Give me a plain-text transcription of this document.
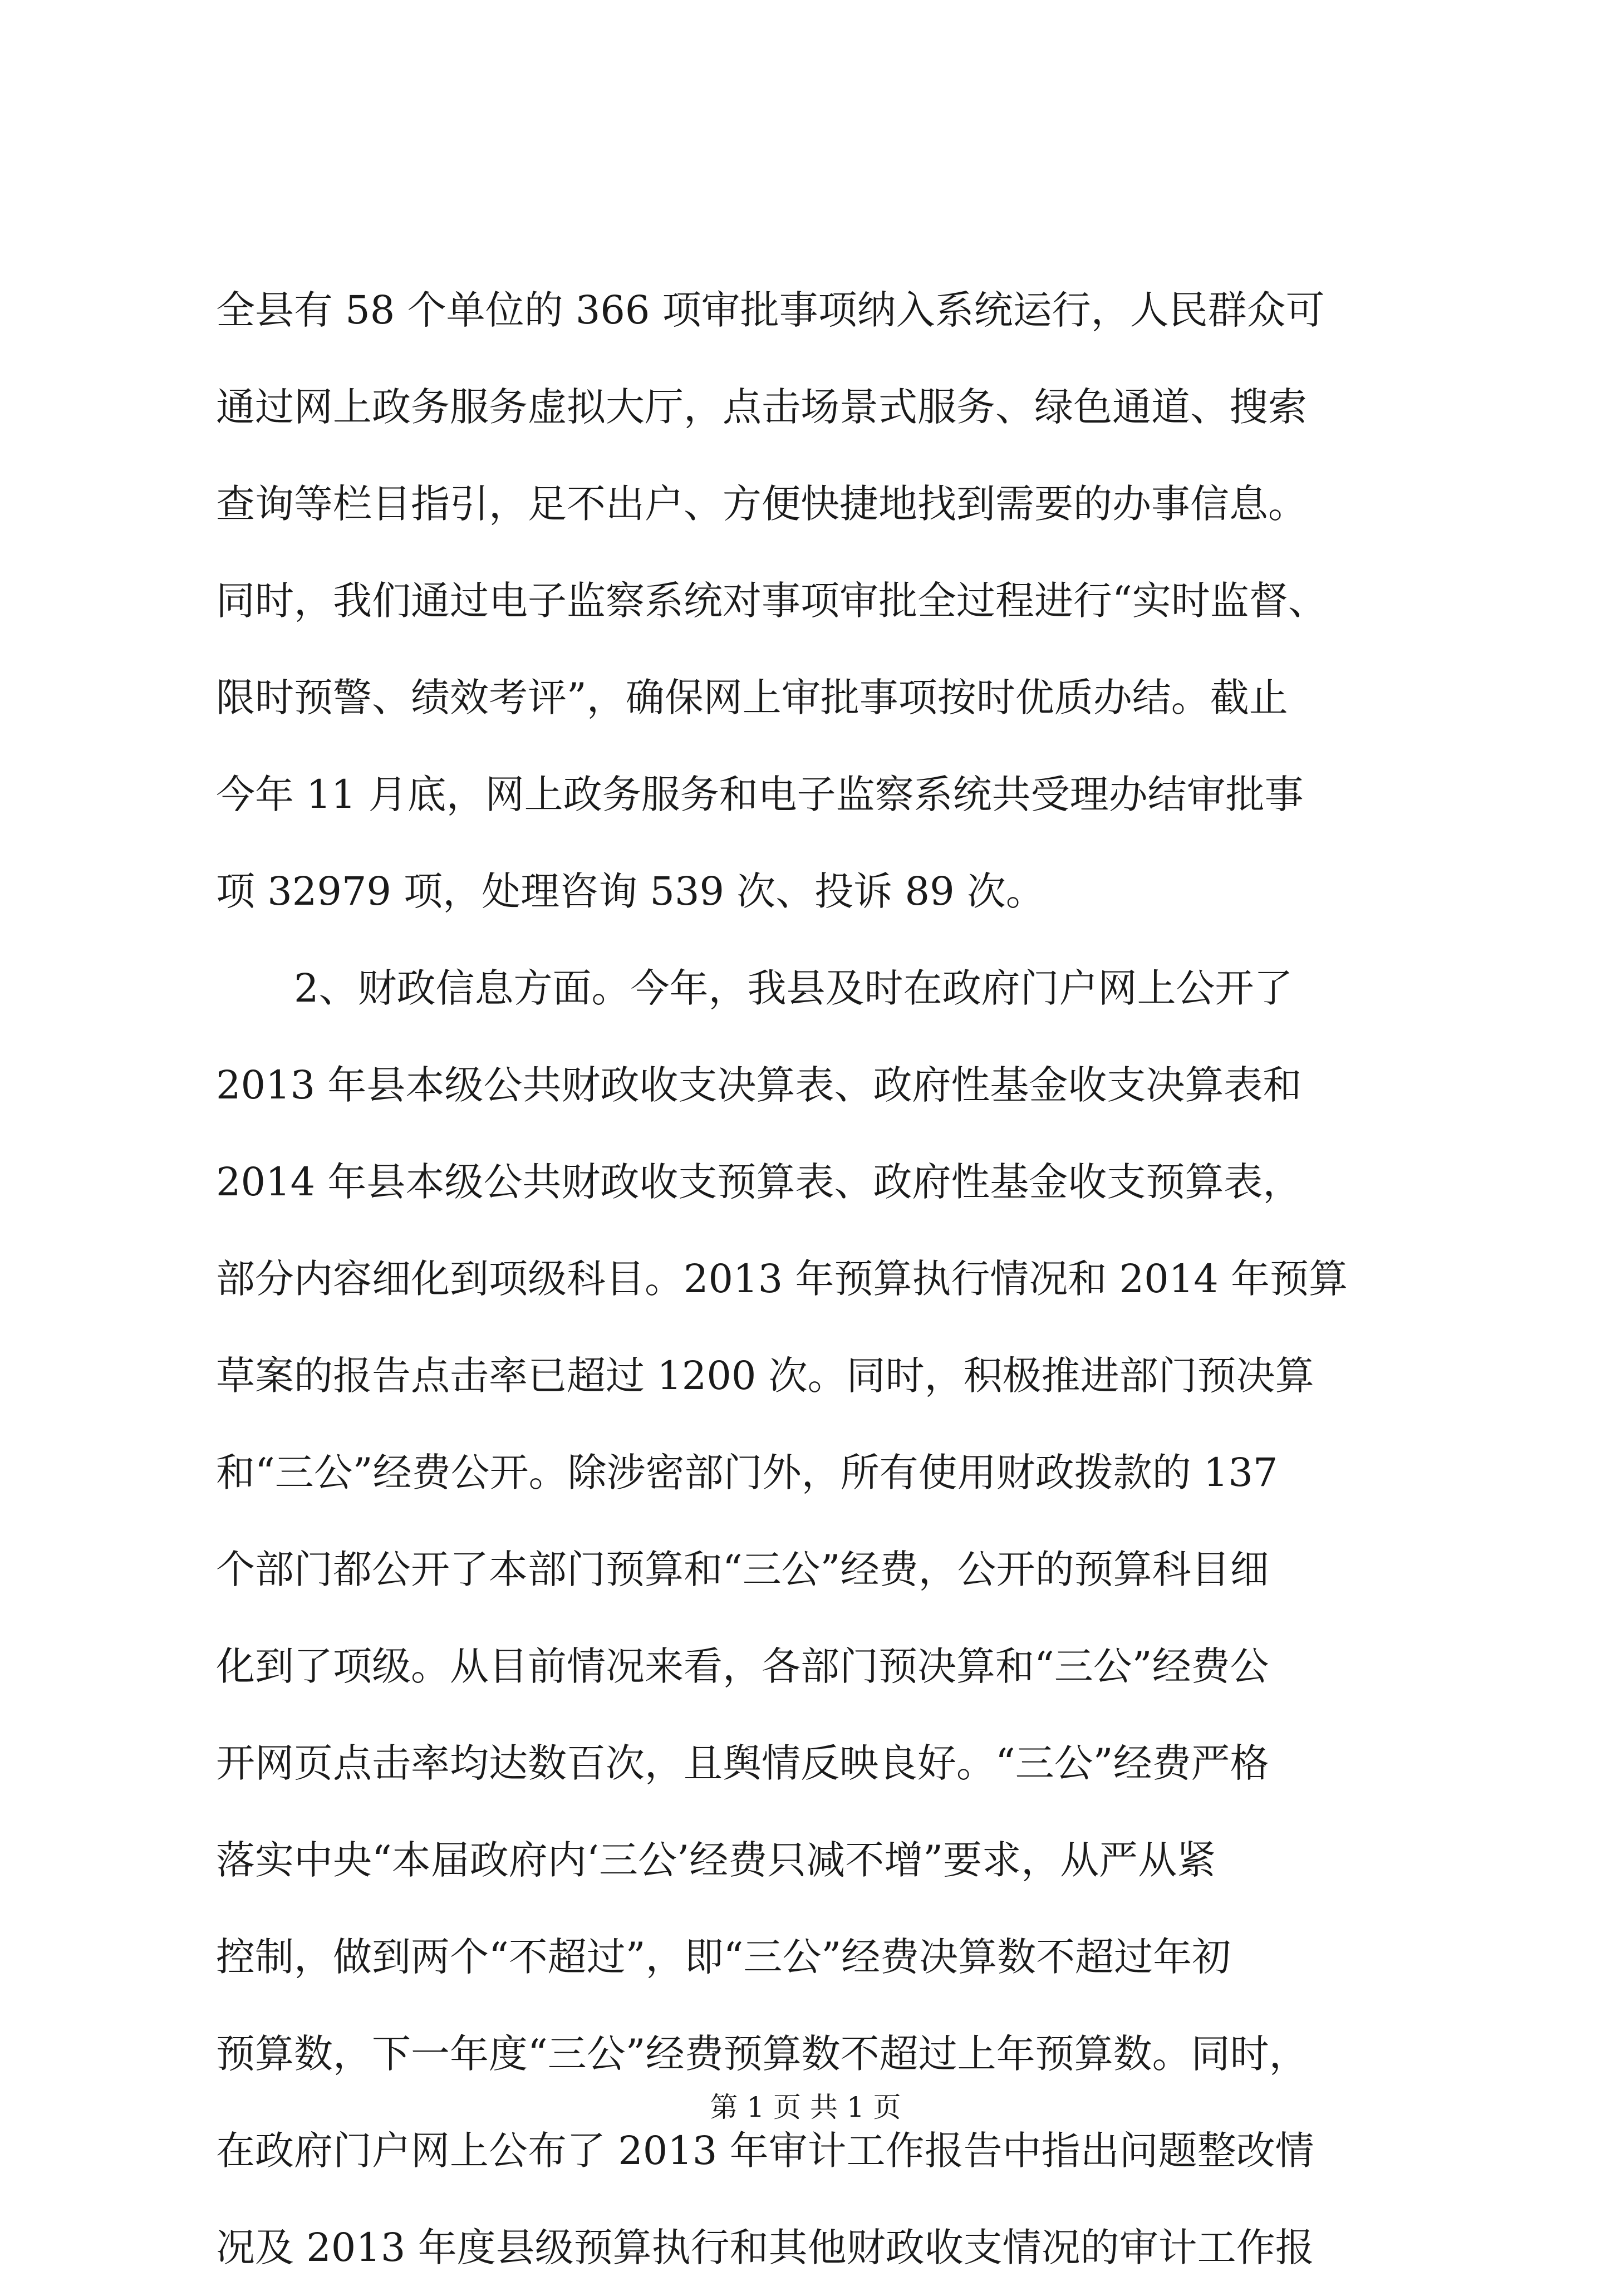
全县有 58 个单位的 366 项审批事项纳入系统运行，人民群众可
通过网上政务服务虚拟大厅，点击场景式服务、绿色通道、搜索
查询等栏目指引，足不出户、方便快捷地找到需要的办事信息。
同时，我们通过电子监察系统对事项审批全过程进行“实时监督、
限时预警、绩效考评”，确保网上审批事项按时优质办结。截止
今年 11 月底，网上政务服务和电子监察系统共受理办结审批事
项 32979 项，处理咨询 539 次、投诉 89 次。
2、财政信息方面。今年，我县及时在政府门户网上公开了
2013 年县本级公共财政收支决算表、政府性基金收支决算表和
2014 年县本级公共财政收支预算表、政府性基金收支预算表，
部分内容细化到项级科目。2013 年预算执行情况和 2014 年预算
草案的报告点击率已超过 1200 次。同时，积极推进部门预决算
和“三公”经费公开。除涉密部门外，所有使用财政拨款的 137
个部门都公开了本部门预算和“三公”经费，公开的预算科目细
化到了项级。从目前情况来看，各部门预决算和“三公”经费公
开网页点击率均达数百次，且舆情反映良好。“三公”经费严格
落实中央“本届政府内‘三公’经费只减不增”要求，从严从紧
控制，做到两个“不超过”，即“三公”经费决算数不超过年初
预算数，下一年度“三公”经费预算数不超过上年预算数。同时，
在政府门户网上公布了 2013 年审计工作报告中指出问题整改情
况及 2013 年度县级预算执行和其他财政收支情况的审计工作报
第 1 页 共 1 页
